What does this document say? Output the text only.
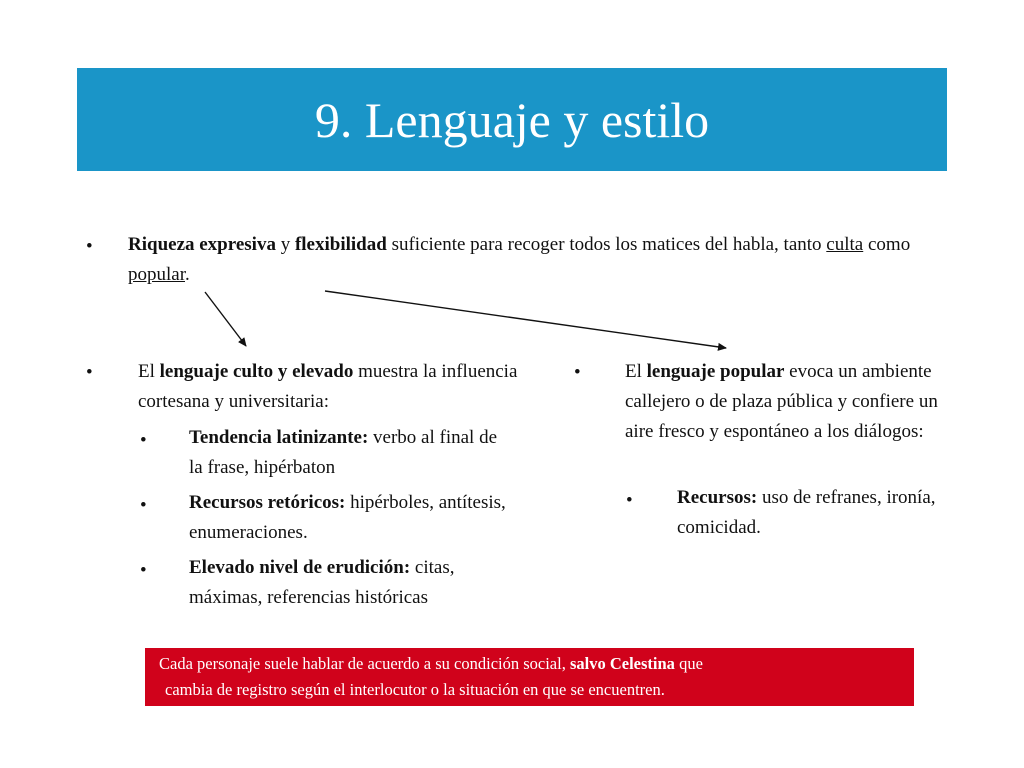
9. Lenguaje y estilo
• Riqueza expresiva y flexibilidad suficiente para recoger todos los matices del habla, tanto culta como popular.
• El lenguaje culto y elevado muestra la influencia cortesana y universitaria:
• Tendencia latinizante: verbo al final de la frase, hipérbaton
• Recursos retóricos: hipérboles, antítesis, enumeraciones.
• Elevado nivel de erudición: citas, máximas, referencias históricas
• El lenguaje popular evoca un ambiente callejero o de plaza pública y confiere un aire fresco y espontáneo a los diálogos:
• Recursos: uso de refranes, ironía, comicidad.
Cada personaje suele hablar de acuerdo a su condición social, salvo Celestina que
cambia de registro según el interlocutor o la situación en que se encuentren.
